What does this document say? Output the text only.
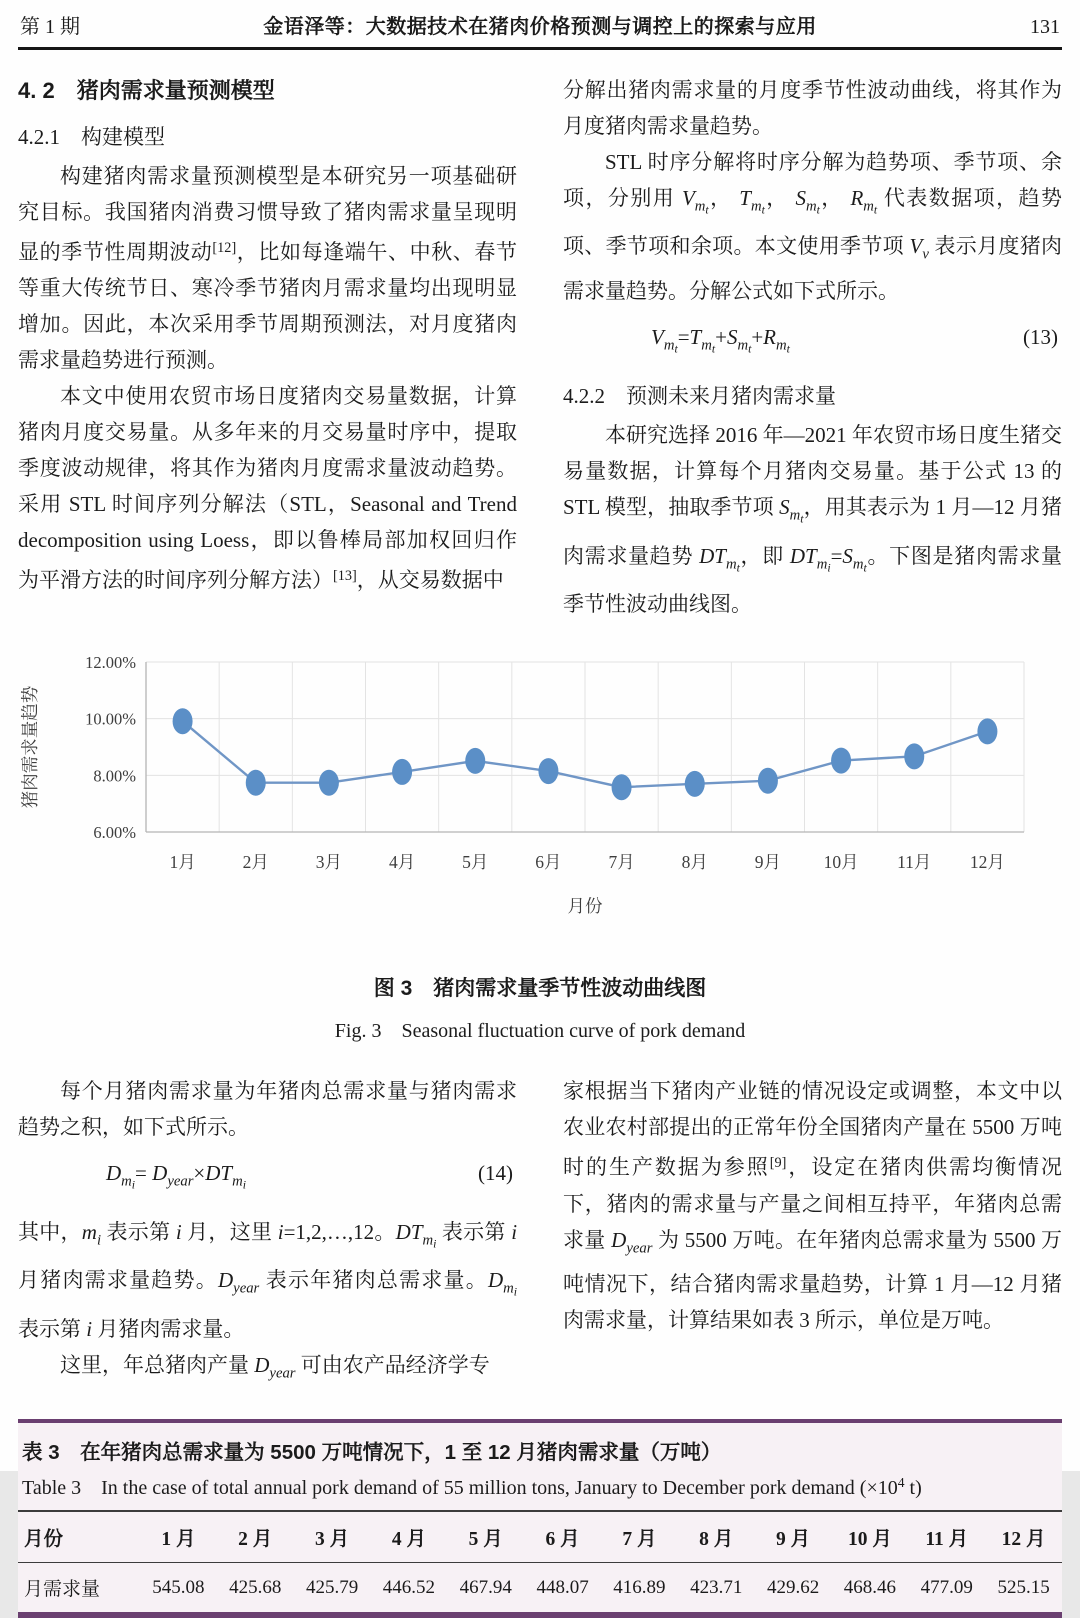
第 1 期	金语泽等：大数据技术在猪肉价格预测与调控上的探索与应用	131
4. 2　猪肉需求量预测模型
4.2.1　构建模型

构建猪肉需求量预测模型是本研究另一项基础研究目标。我国猪肉消费习惯导致了猪肉需求量呈现明显的季节性周期波动[12]，比如每逢端午、中秋、春节等重大传统节日、寒冷季节猪肉月需求量均出现明显增加。因此，本次采用季节周期预测法，对月度猪肉需求量趋势进行预测。

本文中使用农贸市场日度猪肉交易量数据，计算猪肉月度交易量。从多年来的月交易量时序中，提取季度波动规律，将其作为猪肉月度需求量波动趋势。采用 STL 时间序列分解法（STL，Seasonal and Trend decomposition using Loess，即以鲁棒局部加权回归作为平滑方法的时间序列分解方法）[13]，从交易数据中

分解出猪肉需求量的月度季节性波动曲线，将其作为月度猪肉需求量趋势。

STL 时序分解将时序分解为趋势项、季节项、余项，分别用 $V_{mt}$， $T_{mt}$， $S_{mt}$， $R_{mt}$ 代表数据项，趋势项、季节项和余项。本文使用季节项 $V_v$ 表示月度猪肉需求量趋势。分解公式如下式所示。

$V_{mt}=T_{mt}+S_{mt}+R_{mt}$	(13)
4.2.2　预测未来月猪肉需求量

本研究选择 2016 年—2021 年农贸市场日度生猪交易量数据，计算每个月猪肉交易量。基于公式 13 的 STL 模型，抽取季节项 $S_{mt}$，用其表示为 1 月—12 月猪肉需求量趋势 $DT_{mt}$，即 $DT_{mi}=S_{mt}$。下图是猪肉需求量季节性波动曲线图。

6.00%
8.00%
10.00%
12.00%
1月	2月	3月	4月	5月	6月	7月	8月	9月 10月 11月 12月
月份
猪肉需求量趋势
图 3　猪肉需求量季节性波动曲线图
Fig. 3　Seasonal fluctuation curve of pork demand

每个月猪肉需求量为年猪肉总需求量与猪肉需求趋势之积，如下式所示。

$D_{mi}= D_{year}\times DT_{mi}$	(14)

其中，$m_i$ 表示第 i 月，这里 i=1,2,…,12。$DT_{mi}$ 表示第 i 月猪肉需求量趋势。$D_{year}$ 表示年猪肉总需求量。$D_{mi}$ 表示第 i 月猪肉需求量。

这里，年总猪肉产量 $D_{year}$ 可由农产品经济学专

家根据当下猪肉产业链的情况设定或调整，本文中以农业农村部提出的正常年份全国猪肉产量在 5500 万吨时的生产数据为参照[9]，设定在猪肉供需均衡情况下，猪肉的需求量与产量之间相互持平，年猪肉总需求量 $D_{year}$ 为 5500 万吨。在年猪肉总需求量为 5500 万吨情况下，结合猪肉需求量趋势，计算 1 月—12 月猪肉需求量，计算结果如表 3 所示，单位是万吨。

表 3　在年猪肉总需求量为 5500 万吨情况下，1 至 12 月猪肉需求量（万吨）
Table 3　In the case of total annual pork demand of 55 million tons, January to December pork demand ($\times 10^4$ t)
月份	1 月	2 月	3 月	4 月	5 月	6 月	7 月	8 月	9 月	10 月	11 月	12 月
月需求量	545.08	425.68	425.79	446.52	467.94	448.07	416.89	423.71	429.62	468.46	477.09	525.15
